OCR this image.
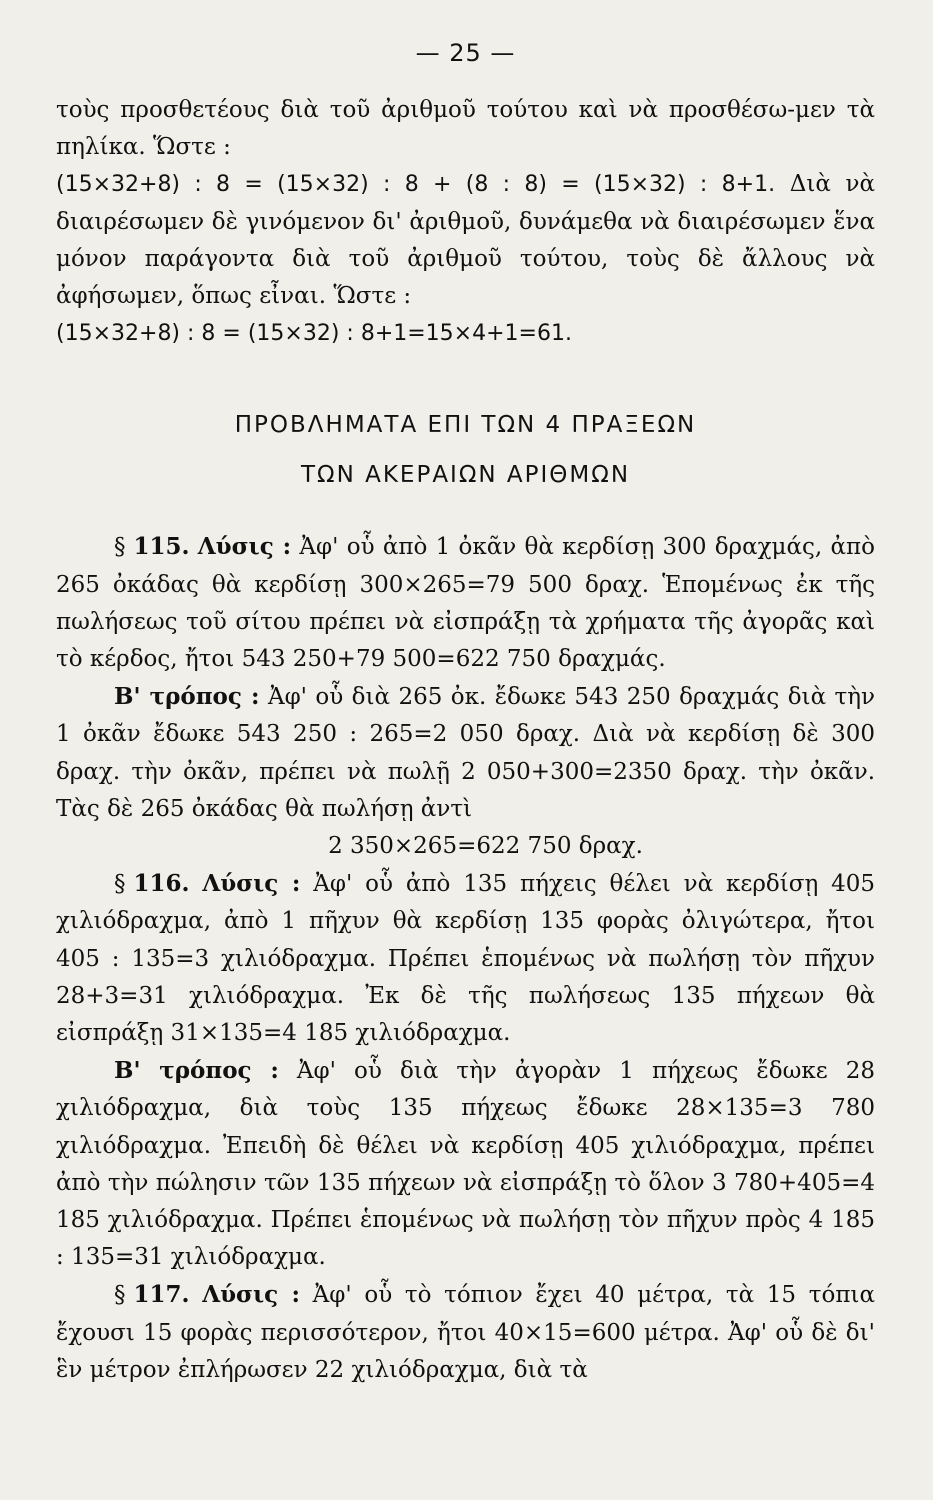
— 25 —

τοὺς προσθετέους διὰ τοῦ ἀριθμοῦ τούτου καὶ νὰ προσθέσω-μεν τὰ πηλίκα. Ὥστε :

(15×32+8) : 8 = (15×32) : 8 + (8 : 8) = (15×32) : 8+1. Διὰ νὰ διαιρέσωμεν δὲ γινόμενον δι' ἀριθμοῦ, δυνάμεθα νὰ διαιρέσωμεν ἕνα μόνον παράγοντα διὰ τοῦ ἀριθμοῦ τούτου, τοὺς δὲ ἄλλους νὰ ἀφήσωμεν, ὅπως εἶναι. Ὥστε :

(15×32+8) : 8 = (15×32) : 8+1=15×4+1=61.

ΠΡΟΒΛΗΜΑΤΑ ΕΠΙ ΤΩΝ 4 ΠΡΑΞΕΩΝ
ΤΩΝ ΑΚΕΡΑΙΩΝ ΑΡΙΘΜΩΝ

§ 115. Λύσις : Ἀφ' οὗ ἀπὸ 1 ὀκᾶν θὰ κερδίσῃ 300 δραχμάς, ἀπὸ 265 ὀκάδας θὰ κερδίσῃ 300×265=79 500 δραχ. Ἑπομένως ἐκ τῆς πωλήσεως τοῦ σίτου πρέπει νὰ εἰσπράξῃ τὰ χρήματα τῆς ἀγορᾶς καὶ τὸ κέρδος, ἤτοι 543 250+79 500=622 750 δραχμάς.

Β' τρόπος : Ἀφ' οὗ διὰ 265 ὀκ. ἔδωκε 543 250 δραχμάς διὰ τὴν 1 ὀκᾶν ἔδωκε 543 250 : 265=2 050 δραχ. Διὰ νὰ κερδίσῃ δὲ 300 δραχ. τὴν ὀκᾶν, πρέπει νὰ πωλῇ 2 050+300=2350 δραχ. τὴν ὀκᾶν. Τὰς δὲ 265 ὀκάδας θὰ πωλήσῃ ἀντὶ

2 350×265=622 750 δραχ.

§ 116. Λύσις : Ἀφ' οὗ ἀπὸ 135 πήχεις θέλει νὰ κερδίσῃ 405 χιλιόδραχμα, ἀπὸ 1 πῆχυν θὰ κερδίσῃ 135 φορὰς ὀλιγώτερα, ἤτοι 405 : 135=3 χιλιόδραχμα. Πρέπει ἑπομένως νὰ πωλήσῃ τὸν πῆχυν 28+3=31 χιλιόδραχμα. Ἐκ δὲ τῆς πωλήσεως 135 πήχεων θὰ εἰσπράξῃ 31×135=4 185 χιλιόδραχμα.

Β' τρόπος : Ἀφ' οὗ διὰ τὴν ἀγορὰν 1 πήχεως ἔδωκε 28 χιλιόδραχμα, διὰ τοὺς 135 πήχεως ἔδωκε 28×135=3 780 χιλιόδραχμα. Ἐπειδὴ δὲ θέλει νὰ κερδίσῃ 405 χιλιόδραχμα, πρέπει ἀπὸ τὴν πώλησιν τῶν 135 πήχεων νὰ εἰσπράξῃ τὸ ὅλον 3 780+405=4 185 χιλιόδραχμα. Πρέπει ἑπομένως νὰ πωλήσῃ τὸν πῆχυν πρὸς 4 185 : 135=31 χιλιόδραχμα.

§ 117. Λύσις : Ἀφ' οὗ τὸ τόπιον ἔχει 40 μέτρα, τὰ 15 τόπια ἔχουσι 15 φορὰς περισσότερον, ἤτοι 40×15=600 μέτρα. Ἀφ' οὗ δὲ δι' ἓν μέτρον ἐπλήρωσεν 22 χιλιόδραχμα, διὰ τὰ
